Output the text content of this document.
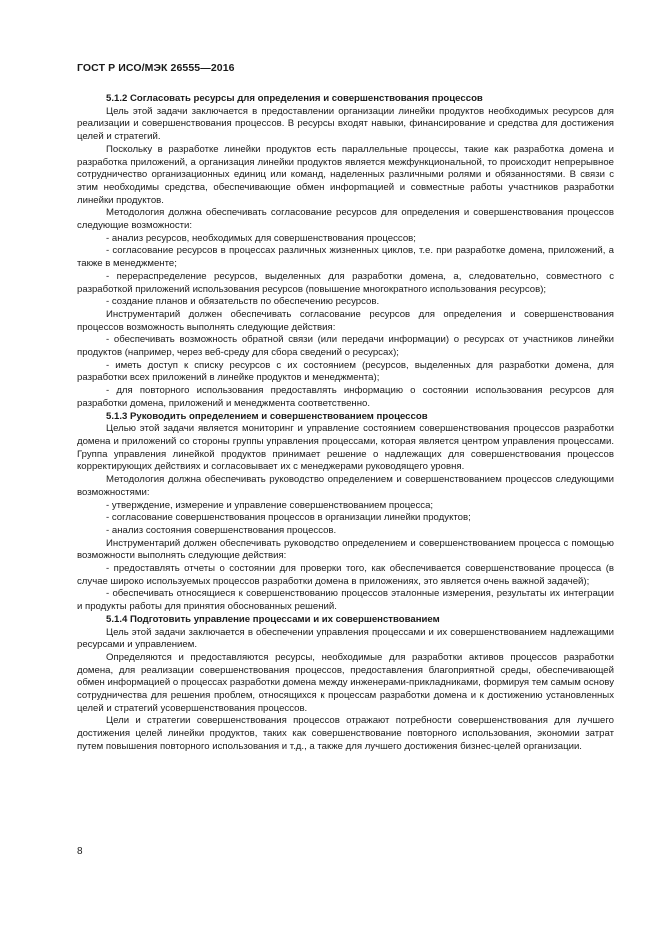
ГОСТ Р ИСО/МЭК 26555—2016

5.1.2 Согласовать ресурсы для определения и совершенствования процессов

Цель этой задачи заключается в предоставлении организации линейки продуктов необходимых ресурсов для реализации и совершенствования процессов. В ресурсы входят навыки, финансирование и средства для достижения целей и стратегий.

Поскольку в разработке линейки продуктов есть параллельные процессы, такие как разработка домена и разработка приложений, а организация линейки продуктов является межфункциональной, то происходит непрерывное сотрудничество организационных единиц или команд, наделенных различными ролями и обязанностями. В связи с этим необходимы средства, обеспечивающие обмен инфорmацией и совместные работы участников разработки линейки продуктов.

Методология должна обеспечивать согласование ресурсов для определения и совершенствования процессов следующие возможности:

- анализ ресурсов, необходимых для совершенствования процессов;

- согласование ресурсов в процессах различных жизненных циклов, т.е. при разработке домена, приложений, а также в менеджменте;

- перераспределение ресурсов, выделенных для разработки домена, а, следовательно, совместного с разработкой приложений использования ресурсов (повышение многократного использования ресурсов);

- создание планов и обязательств по обеспечению ресурсов.

Инструментарий должен обеспечивать согласование ресурсов для определения и совершенствования процессов возможность выполнять следующие действия:

- обеспечивать возможность обратной связи (или передачи информации) о ресурсах от участников линейки продуктов (например, через веб-среду для сбора сведений о ресурсах);

- иметь доступ к списку ресурсов с их состоянием (ресурсов, выделенных для разработки домена, для разработки всех приложений в линейке продуктов и менеджмента);

- для повторного использования предоставлять информацию о состоянии использования ресурсов для разработки домена, приложений и менеджмента соответственно.

5.1.3 Руководить определением и совершенствованием процессов

Целью этой задачи является мониторинг и управление состоянием совершенствования процессов разработки домена и приложений со стороны группы управления процессами, которая является центром управления процессами. Группа управления линейкой продуктов принимает решение о надлежащих для совершенствования процессов корректирующих действиях и согласовывает их с менеджерами руководящего уровня.

Методология должна обеспечивать руководство определением и совершенствованием процессов следующими возможностями:

- утверждение, измерение и управление совершенствованием процесса;

- согласование совершенствования процессов в организации линейки продуктов;

- анализ состояния совершенствования процессов.

Инструментарий должен обеспечивать руководство определением и совершенствованием процесса с помощью возможности выполнять следующие действия:

- предоставлять отчеты о состоянии для проверки того, как обеспечивается совершенствование процесса (в случае широко используемых процессов разработки домена в приложениях, это является очень важной задачей);

- обеспечивать относящиеся к совершенствованию процессов эталонные измерения, результаты их интеграции и продукты работы для принятия обоснованных решений.

5.1.4 Подготовить управление процессами и их совершенствованием

Цель этой задачи заключается в обеспечении управления процессами и их совершенствованием надлежащими ресурсами и управлением.

Определяются и предоставляются ресурсы, необходимые для разработки активов процессов разработки домена, для реализации совершенствования процессов, предоставления благоприятной среды, обеспечивающей обмен информацией о процессах разработки домена между инженерами-прикладниками, формируя тем самым основу сотрудничества для решения проблем, относящихся к процессам разработки домена и к достижению установленных целей и стратегий усовершенствования процессов.

Цели и стратегии совершенствования процессов отражают потребности совершенствования для лучшего достижения целей линейки продуктов, таких как совершенствование повторного использования, экономии затрат путем повышения повторного использования и т.д., а также для лучшего достижения бизнес-целей организации.

8
